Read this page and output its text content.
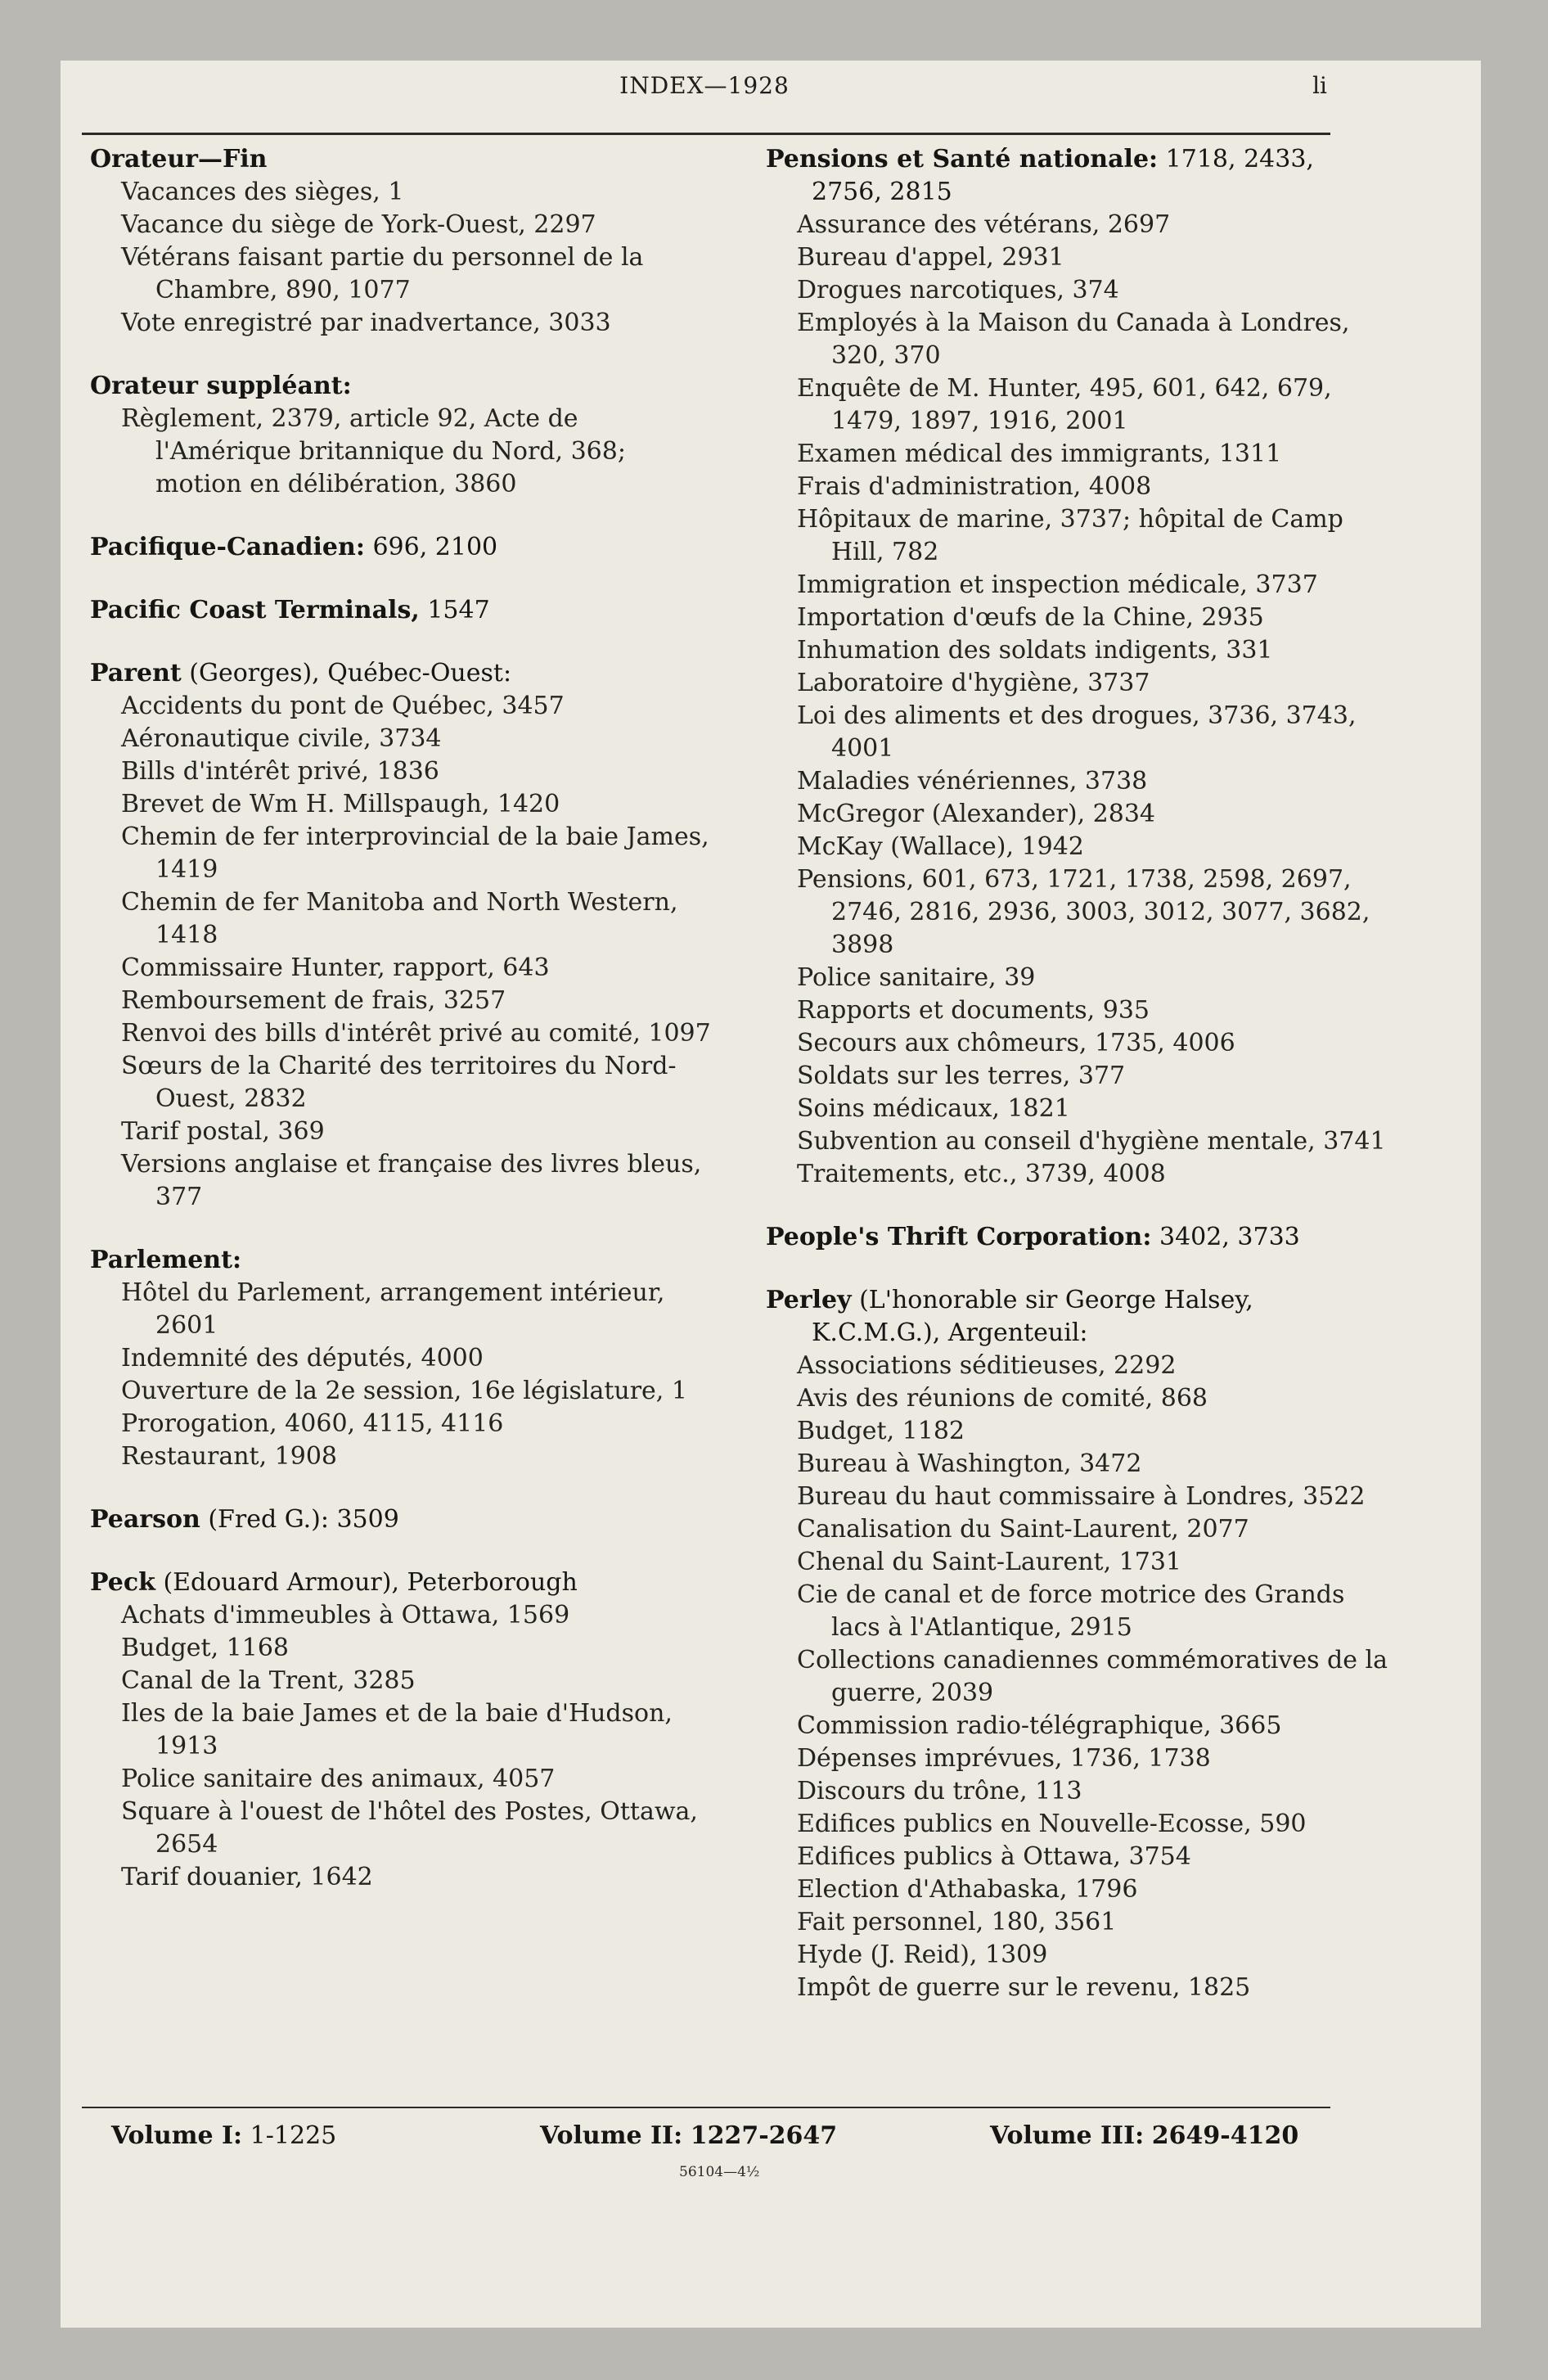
INDEX—1928	li
Orateur—Fin
Vacances des sièges, 1
Vacance du siège de York-Ouest, 2297
Vétérans faisant partie du personnel de la Chambre, 890, 1077
Vote enregistré par inadvertance, 3033
Orateur suppléant:
Règlement, 2379, article 92, Acte de l'Amérique britannique du Nord, 368; motion en délibération, 3860
Pacifique-Canadien: 696, 2100
Pacific Coast Terminals, 1547
Parent (Georges), Québec-Ouest:
Accidents du pont de Québec, 3457
Aéronautique civile, 3734
Bills d'intérêt privé, 1836
Brevet de Wm H. Millspaugh, 1420
Chemin de fer interprovincial de la baie James, 1419
Chemin de fer Manitoba and North Western, 1418
Commissaire Hunter, rapport, 643
Remboursement de frais, 3257
Renvoi des bills d'intérêt privé au comité, 1097
Sœurs de la Charité des territoires du Nord-Ouest, 2832
Tarif postal, 369
Versions anglaise et française des livres bleus, 377
Parlement:
Hôtel du Parlement, arrangement intérieur, 2601
Indemnité des députés, 4000
Ouverture de la 2e session, 16e législature, 1
Prorogation, 4060, 4115, 4116
Restaurant, 1908
Pearson (Fred G.): 3509
Peck (Edouard Armour), Peterborough
Achats d'immeubles à Ottawa, 1569
Budget, 1168
Canal de la Trent, 3285
Iles de la baie James et de la baie d'Hudson, 1913
Police sanitaire des animaux, 4057
Square à l'ouest de l'hôtel des Postes, Ottawa, 2654
Tarif douanier, 1642
Pensions et Santé nationale: 1718, 2433, 2756, 2815
Assurance des vétérans, 2697
Bureau d'appel, 2931
Drogues narcotiques, 374
Employés à la Maison du Canada à Londres, 320, 370
Enquête de M. Hunter, 495, 601, 642, 679, 1479, 1897, 1916, 2001
Examen médical des immigrants, 1311
Frais d'administration, 4008
Hôpitaux de marine, 3737; hôpital de Camp Hill, 782
Immigration et inspection médicale, 3737
Importation d'œufs de la Chine, 2935
Inhumation des soldats indigents, 331
Laboratoire d'hygiène, 3737
Loi des aliments et des drogues, 3736, 3743, 4001
Maladies vénériennes, 3738
McGregor (Alexander), 2834
McKay (Wallace), 1942
Pensions, 601, 673, 1721, 1738, 2598, 2697, 2746, 2816, 2936, 3003, 3012, 3077, 3682, 3898
Police sanitaire, 39
Rapports et documents, 935
Secours aux chômeurs, 1735, 4006
Soldats sur les terres, 377
Soins médicaux, 1821
Subvention au conseil d'hygiène mentale, 3741
Traitements, etc., 3739, 4008
People's Thrift Corporation: 3402, 3733
Perley (L'honorable sir George Halsey, K.C.M.G.), Argenteuil:
Associations séditieuses, 2292
Avis des réunions de comité, 868
Budget, 1182
Bureau à Washington, 3472
Bureau du haut commissaire à Londres, 3522
Canalisation du Saint-Laurent, 2077
Chenal du Saint-Laurent, 1731
Cie de canal et de force motrice des Grands lacs à l'Atlantique, 2915
Collections canadiennes commémoratives de la guerre, 2039
Commission radio-télégraphique, 3665
Dépenses imprévues, 1736, 1738
Discours du trône, 113
Edifices publics en Nouvelle-Ecosse, 590
Edifices publics à Ottawa, 3754
Election d'Athabaska, 1796
Fait personnel, 180, 3561
Hyde (J. Reid), 1309
Impôt de guerre sur le revenu, 1825
Volume I: 1-1225	Volume II: 1227-2647	Volume III: 2649-4120
56104—4½
